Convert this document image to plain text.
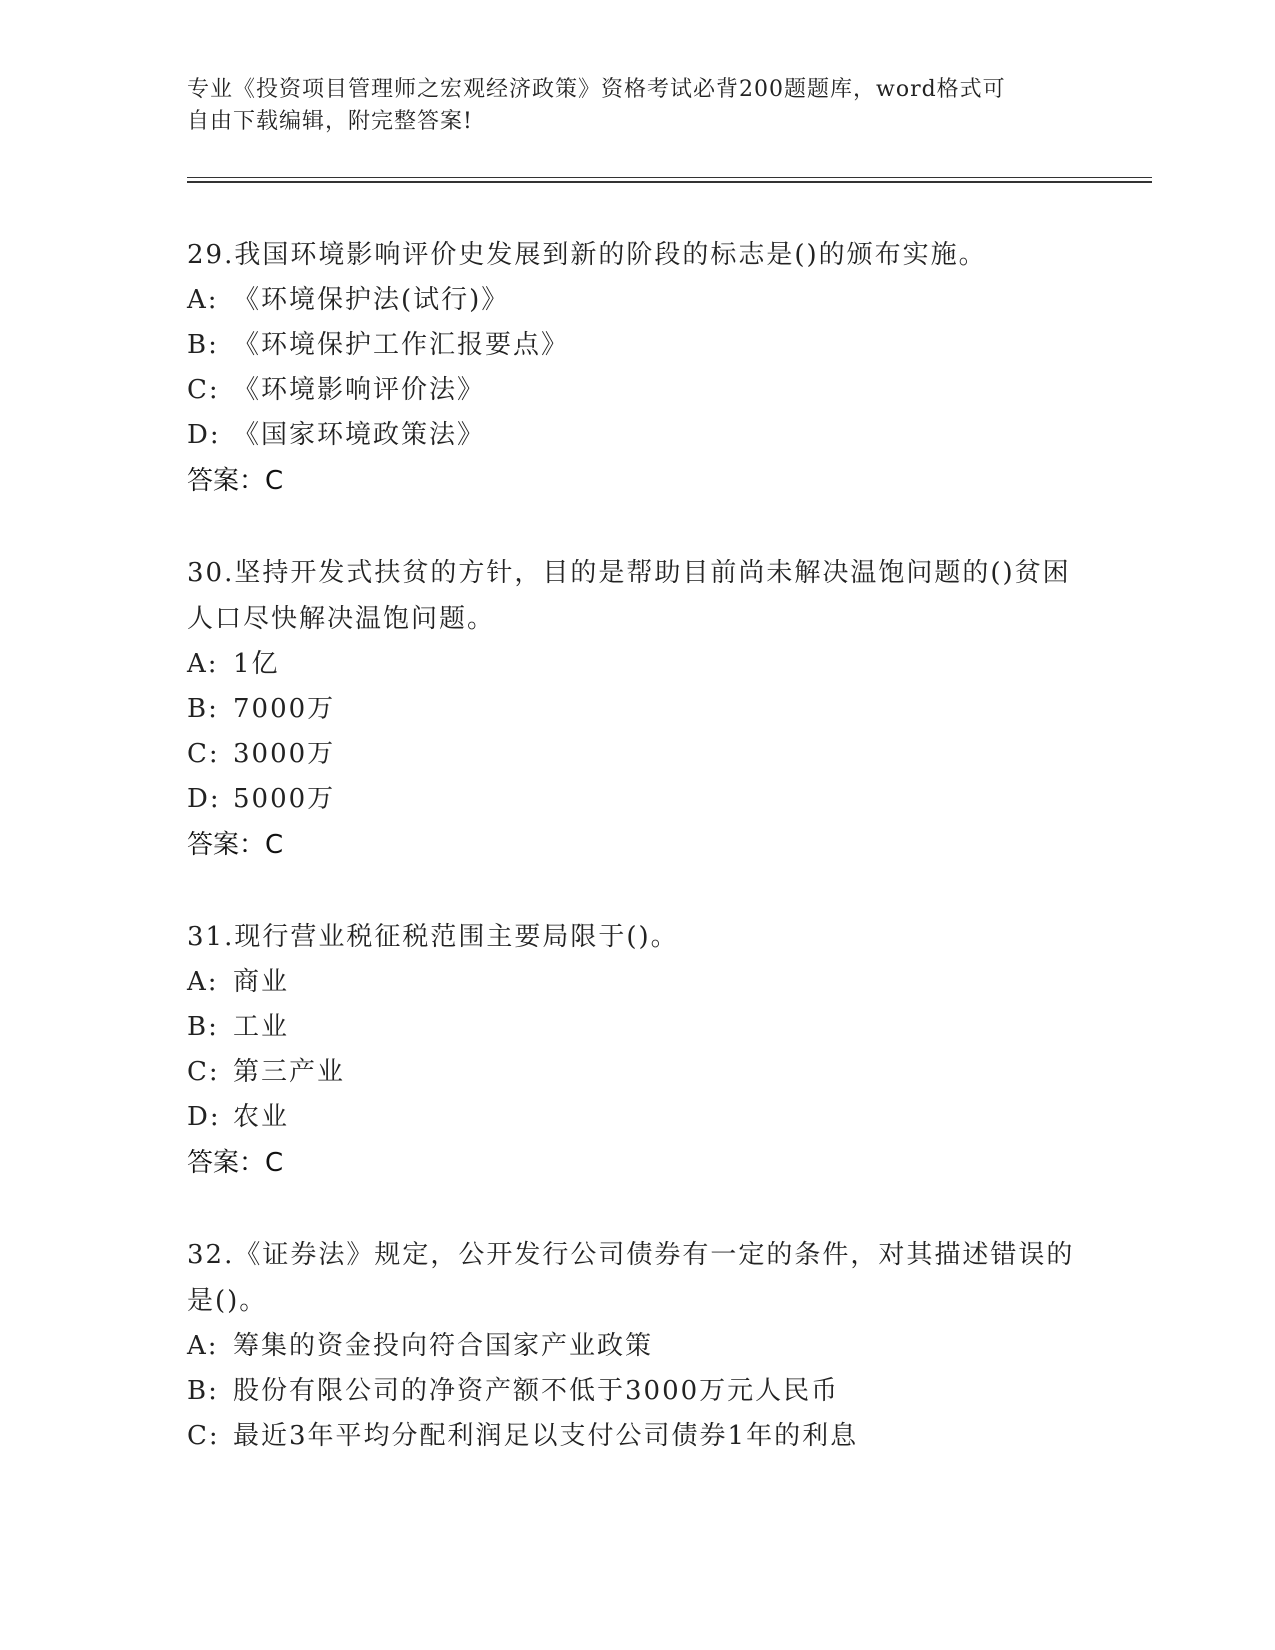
专业《投资项目管理师之宏观经济政策》资格考试必背200题题库，word格式可
自由下载编辑，附完整答案!
29.我国环境影响评价史发展到新的阶段的标志是()的颁布实施。
A: 《环境保护法(试行)》
B: 《环境保护工作汇报要点》
C: 《环境影响评价法》
D: 《国家环境政策法》
答案：C
30.坚持开发式扶贫的方针，目的是帮助目前尚未解决温饱问题的()贫困人口尽快解决温饱问题。
A: 1亿
B: 7000万
C: 3000万
D: 5000万
答案：C
31.现行营业税征税范围主要局限于()。
A: 商业
B: 工业
C: 第三产业
D: 农业
答案：C
32.《证券法》规定，公开发行公司债券有一定的条件，对其描述错误的是()。
A: 筹集的资金投向符合国家产业政策
B: 股份有限公司的净资产额不低于3000万元人民币
C: 最近3年平均分配利润足以支付公司债券1年的利息
